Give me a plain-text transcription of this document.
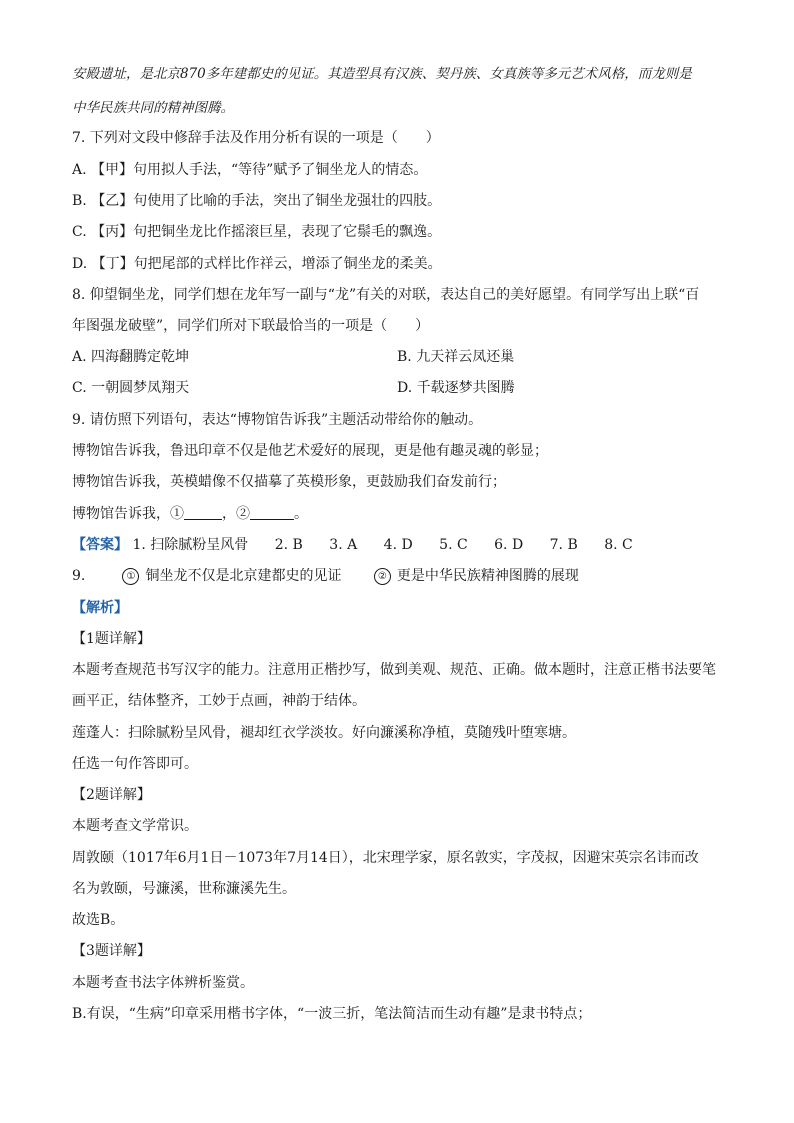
安殿遗址，是北京870多年建都史的见证。其造型具有汉族、契丹族、女真族等多元艺术风格，而龙则是
中华民族共同的精神图腾。
7. 下列对文段中修辞手法及作用分析有误的一项是（　　）
A. 【甲】句用拟人手法，“等待”赋予了铜坐龙人的情态。
B. 【乙】句使用了比喻的手法，突出了铜坐龙强壮的四肢。
C. 【丙】句把铜坐龙比作摇滚巨星，表现了它鬃毛的飘逸。
D. 【丁】句把尾部的式样比作祥云，增添了铜坐龙的柔美。
8. 仰望铜坐龙，同学们想在龙年写一副与“龙”有关的对联，表达自己的美好愿望。有同学写出上联“百
年图强龙破壁”，同学们所对下联最恰当的一项是（　　）
A. 四海翻腾定乾坤	B. 九天祥云凤还巢
C. 一朝圆梦凤翔天	D. 千载逐梦共图腾
9. 请仿照下列语句，表达“博物馆告诉我”主题活动带给你的触动。
博物馆告诉我，鲁迅印章不仅是他艺术爱好的展现，更是他有趣灵魂的彰显；
博物馆告诉我，英模蜡像不仅描摹了英模形象，更鼓励我们奋发前行；
博物馆告诉我，①	，②	。
【答案】 1. 扫除腻粉呈风骨 2. B 3. A 4. D 5. C 6. D 7. B 8. C
9.	① 铜坐龙不仅是北京建都史的见证	② 更是中华民族精神图腾的展现
【解析】
【1题详解】
本题考查规范书写汉字的能力。注意用正楷抄写，做到美观、规范、正确。做本题时，注意正楷书法要笔
画平正，结体整齐，工妙于点画，神韵于结体。
莲蓬人：扫除腻粉呈风骨，褪却红衣学淡妆。好向濂溪称净植，莫随残叶堕寒塘。
任选一句作答即可。
【2题详解】
本题考查文学常识。
周敦颐（1017年6月1日－1073年7月14日），北宋理学家，原名敦实，字茂叔，因避宋英宗名讳而改
名为敦颐，号濂溪，世称濂溪先生。
故选B。
【3题详解】
本题考查书法字体辨析鉴赏。
B.有误，“生病”印章采用楷书字体，“一波三折，笔法简洁而生动有趣”是隶书特点；
